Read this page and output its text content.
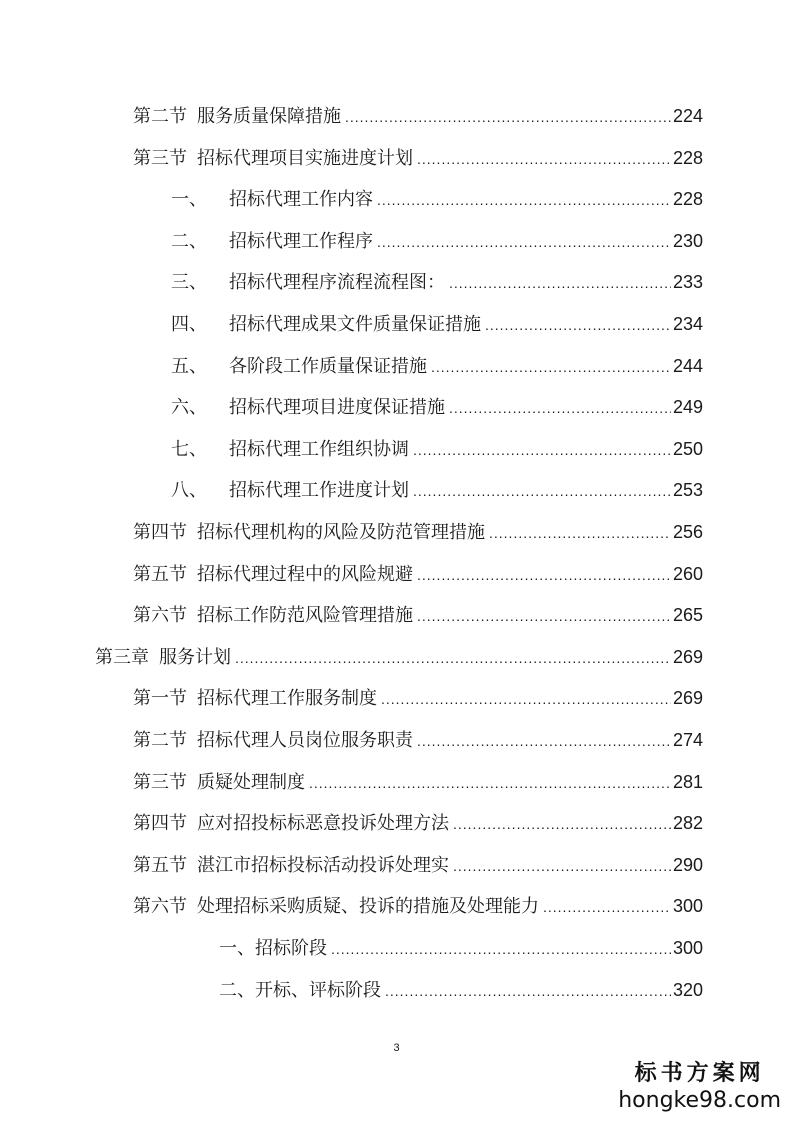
第二节 服务质量保障措施 .....	224
第三节 招标代理项目实施进度计划 .....	228
一、 招标代理工作内容 .....	228
二、 招标代理工作程序 .....	230
三、 招标代理程序流程流程图： .....	233
四、 招标代理成果文件质量保证措施 .....	234
五、 各阶段工作质量保证措施 .....	244
六、 招标代理项目进度保证措施 .....	249
七、 招标代理工作组织协调 .....	250
八、 招标代理工作进度计划 .....	253
第四节 招标代理机构的风险及防范管理措施 .....	256
第五节 招标代理过程中的风险规避 .....	260
第六节 招标工作防范风险管理措施 .....	265
第三章 服务计划 .....	269
第一节 招标代理工作服务制度 .....	269
第二节 招标代理人员岗位服务职责 .....	274
第三节 质疑处理制度 .....	281
第四节 应对招投标标恶意投诉处理方法 .....	282
第五节 湛江市招标投标活动投诉处理实 .....	290
第六节 处理招标采购质疑、投诉的措施及处理能力 .....	300
一、招标阶段 .....	300
二、开标、评标阶段 .....	320
3
标书方案网
hongke98.com
